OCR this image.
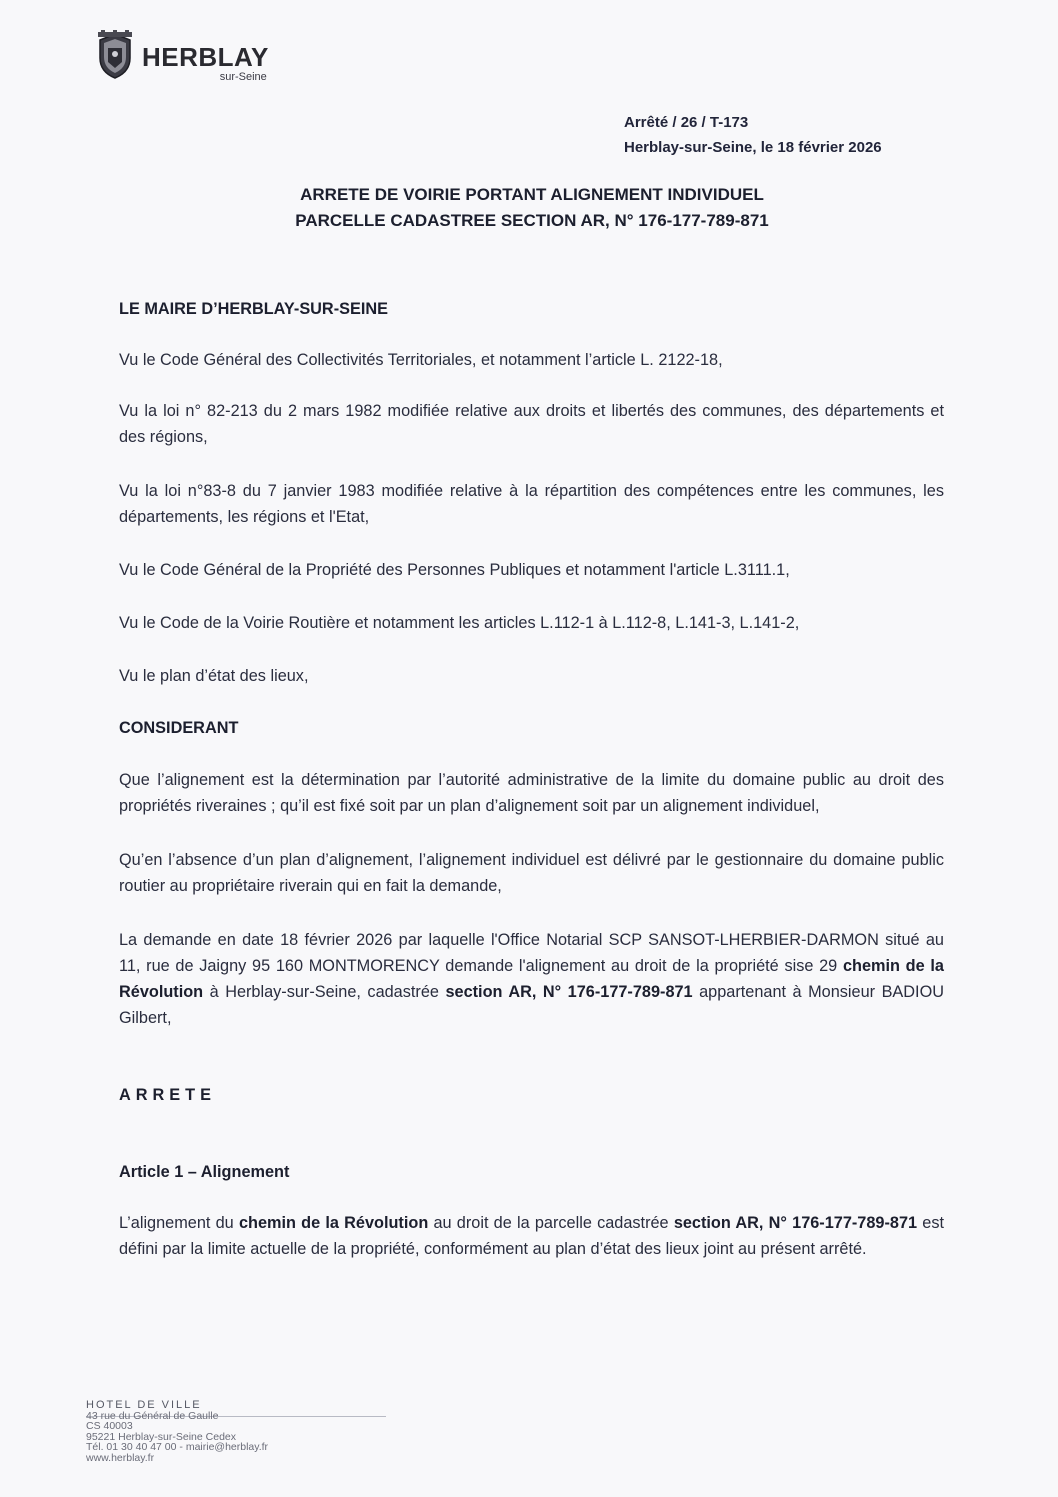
HERBLAY
sur-Seine
Arrêté / 26 / T-173
Herblay-sur-Seine, le 18 février 2026
ARRETE DE VOIRIE PORTANT ALIGNEMENT INDIVIDUEL
PARCELLE CADASTREE SECTION AR, N° 176-177-789-871

LE MAIRE D’HERBLAY-SUR-SEINE

Vu le Code Général des Collectivités Territoriales, et notamment l’article L. 2122-18,

Vu la loi n° 82-213 du 2 mars 1982 modifiée relative aux droits et libertés des communes, des départements et des régions,

Vu la loi n°83-8 du 7 janvier 1983 modifiée relative à la répartition des compétences entre les communes, les départements, les régions et l'Etat,

Vu le Code Général de la Propriété des Personnes Publiques et notamment l'article L.3111.1,

Vu le Code de la Voirie Routière et notamment les articles L.112-1 à L.112-8, L.141-3, L.141-2,

Vu le plan d’état des lieux,

CONSIDERANT

Que l’alignement est la détermination par l’autorité administrative de la limite du domaine public au droit des propriétés riveraines ; qu’il est fixé soit par un plan d’alignement soit par un alignement individuel,

Qu’en l’absence d’un plan d’alignement, l’alignement individuel est délivré par le gestionnaire du domaine public routier au propriétaire riverain qui en fait la demande,

La demande en date 18 février 2026 par laquelle l'Office Notarial SCP SANSOT-LHERBIER-DARMON situé au 11, rue de Jaigny 95 160 MONTMORENCY demande l'alignement au droit de la propriété sise 29 chemin de la Révolution à Herblay-sur-Seine, cadastrée section AR, N° 176-177-789-871 appartenant à Monsieur BADIOU Gilbert,

ARRETE

Article 1 – Alignement

L’alignement du chemin de la Révolution au droit de la parcelle cadastrée section AR, N° 176-177-789-871 est défini par la limite actuelle de la propriété, conformément au plan d’état des lieux joint au présent arrêté.

HOTEL DE VILLE
43 rue du Général de Gaulle
CS 40003
95221 Herblay-sur-Seine Cedex
Tél. 01 30 40 47 00 - mairie@herblay.fr
www.herblay.fr
